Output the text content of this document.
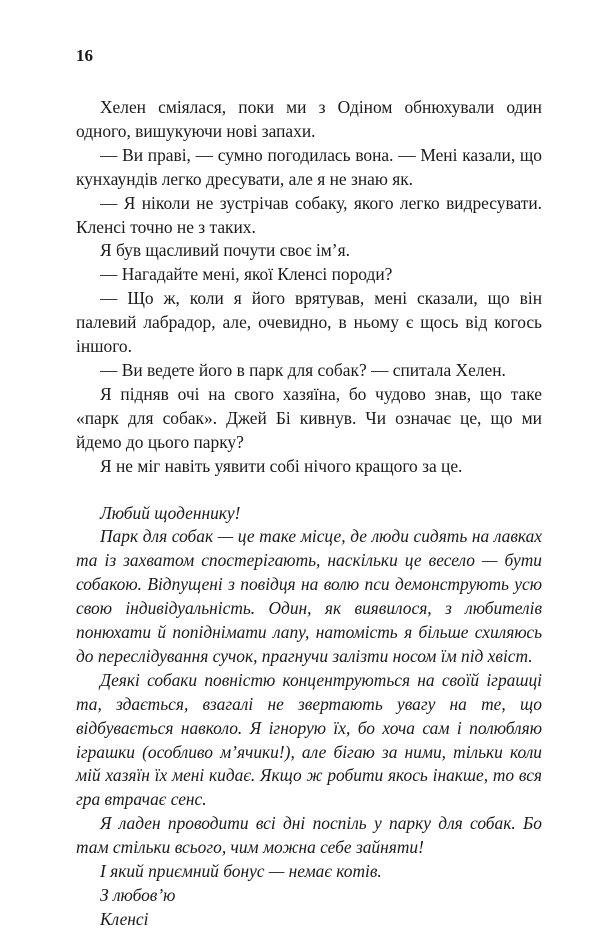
16

Хелен сміялася, поки ми з Одіном обнюхували один одного, вишукуючи нові запахи.

— Ви праві, — сумно погодилась вона. — Мені казали, що кунхаундів легко дресувати, але я не знаю як.

— Я ніколи не зустрічав собаку, якого легко видресувати. Кленсі точно не з таких.

Я був щасливий почути своє ім’я.

— Нагадайте мені, якої Кленсі породи?

— Що ж, коли я його врятував, мені сказали, що він палевий лабрадор, але, очевидно, в ньому є щось від когось іншого.

— Ви ведете його в парк для собак? — спитала Хелен.

Я підняв очі на свого хазяїна, бо чудово знав, що таке «парк для собак». Джей Бі кивнув. Чи означає це, що ми йдемо до цього парку?

Я не міг навіть уявити собі нічого кращого за це.

Любий щоденнику!

Парк для собак — це таке місце, де люди сидять на лавках та із захватом спостерігають, наскільки це весело — бути собакою. Відпущені з повідця на волю пси демонструють усю свою індивідуальність. Один, як виявилося, з любителів понюхати й попіднімати лапу, натомість я більше схиляюсь до переслідування сучок, прагнучи залізти носом їм під хвіст.

Деякі собаки повністю концентруються на своїй іграшці та, здається, взагалі не звертають увагу на те, що відбувається навколо. Я ігнорую їх, бо хоча сам і полюбляю іграшки (особливо м’ячики!), але бігаю за ними, тільки коли мій хазяїн їх мені кидає. Якщо ж робити якось інакше, то вся гра втрачає сенс.

Я ладен проводити всі дні поспіль у парку для собак. Бо там стільки всього, чим можна себе зайняти!

І який приємний бонус — немає котів.

З любов’ю

Кленсі
